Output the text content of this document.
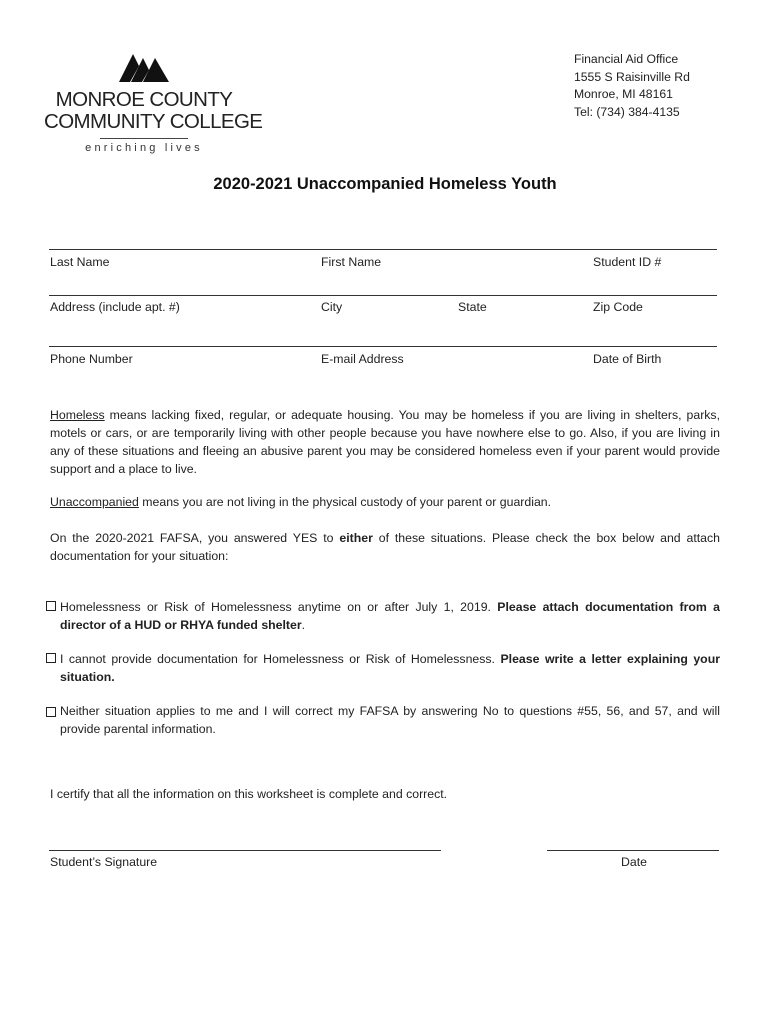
MONROE COUNTY
COMMUNITY COLLEGE
enriching lives
Financial Aid Office
1555 S Raisinville Rd
Monroe, MI 48161
Tel: (734) 384-4135
2020-2021 Unaccompanied Homeless Youth
Last Name	First Name	Student ID #
Address (include apt. #)	City	State	Zip Code
Phone Number	E-mail Address	Date of Birth
Homeless means lacking fixed, regular, or adequate housing. You may be homeless if you are living in shelters, parks, motels or cars, or are temporarily living with other people because you have nowhere else to go. Also, if you are living in any of these situations and fleeing an abusive parent you may be considered homeless even if your parent would provide support and a place to live.
Unaccompanied means you are not living in the physical custody of your parent or guardian.
On the 2020-2021 FAFSA, you answered YES to either of these situations. Please check the box below and attach documentation for your situation:
Homelessness or Risk of Homelessness anytime on or after July 1, 2019. Please attach documentation from a director of a HUD or RHYA funded shelter.
I cannot provide documentation for Homelessness or Risk of Homelessness. Please write a letter explaining your situation.
Neither situation applies to me and I will correct my FAFSA by answering No to questions #55, 56, and 57, and will provide parental information.
I certify that all the information on this worksheet is complete and correct.
Student’s Signature	Date
